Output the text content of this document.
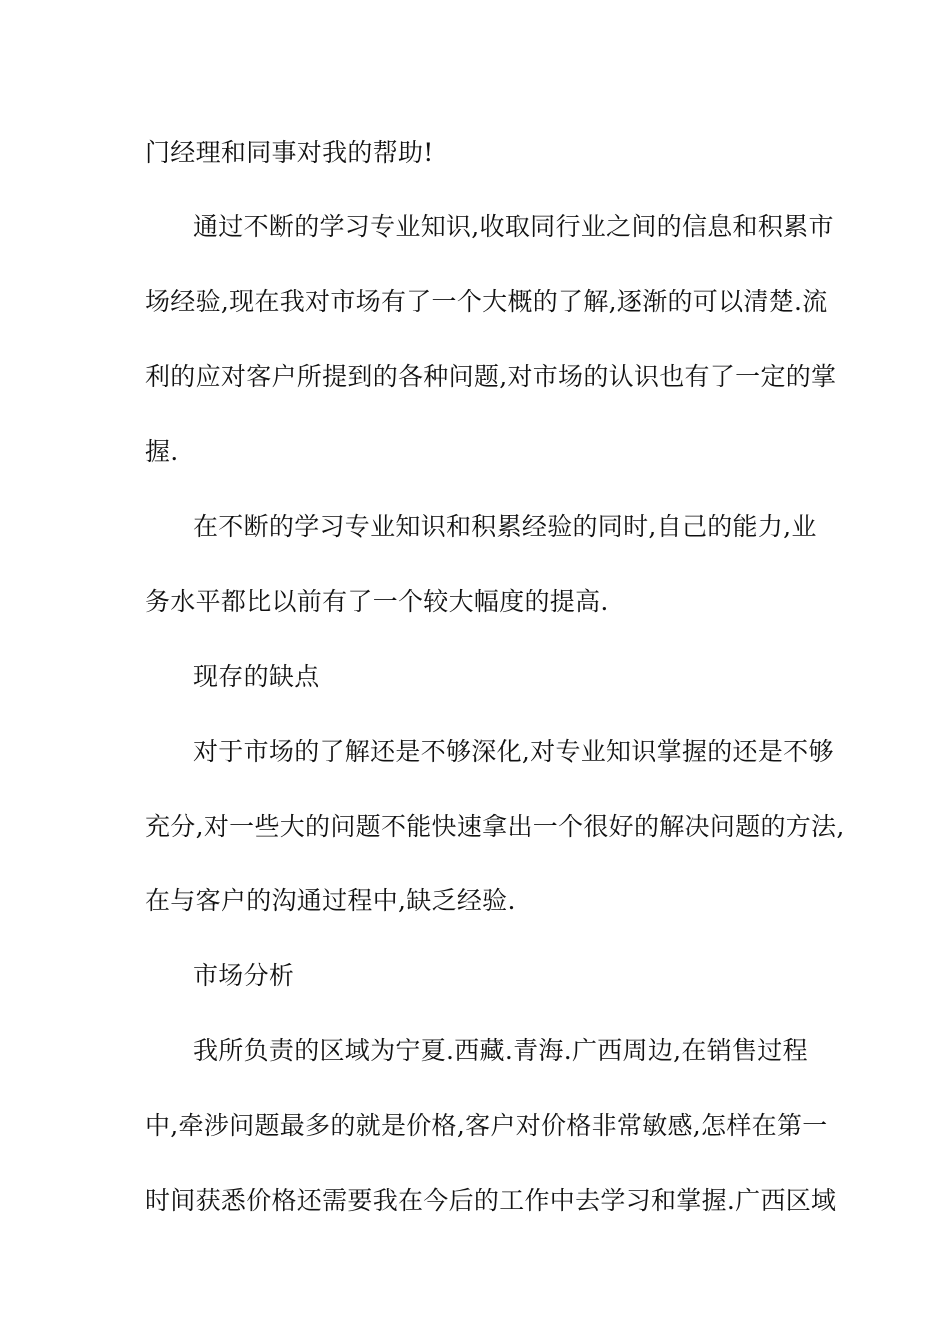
门经理和同事对我的帮助!
通过不断的学习专业知识,收取同行业之间的信息和积累市
场经验,现在我对市场有了一个大概的了解,逐渐的可以清楚.流
利的应对客户所提到的各种问题,对市场的认识也有了一定的掌
握.
在不断的学习专业知识和积累经验的同时,自己的能力,业
务水平都比以前有了一个较大幅度的提高.
现存的缺点
对于市场的了解还是不够深化,对专业知识掌握的还是不够
充分,对一些大的问题不能快速拿出一个很好的解决问题的方法,
在与客户的沟通过程中,缺乏经验.
市场分析
我所负责的区域为宁夏.西藏.青海.广西周边,在销售过程
中,牵涉问题最多的就是价格,客户对价格非常敏感,怎样在第一
时间获悉价格还需要我在今后的工作中去学习和掌握.广西区域
